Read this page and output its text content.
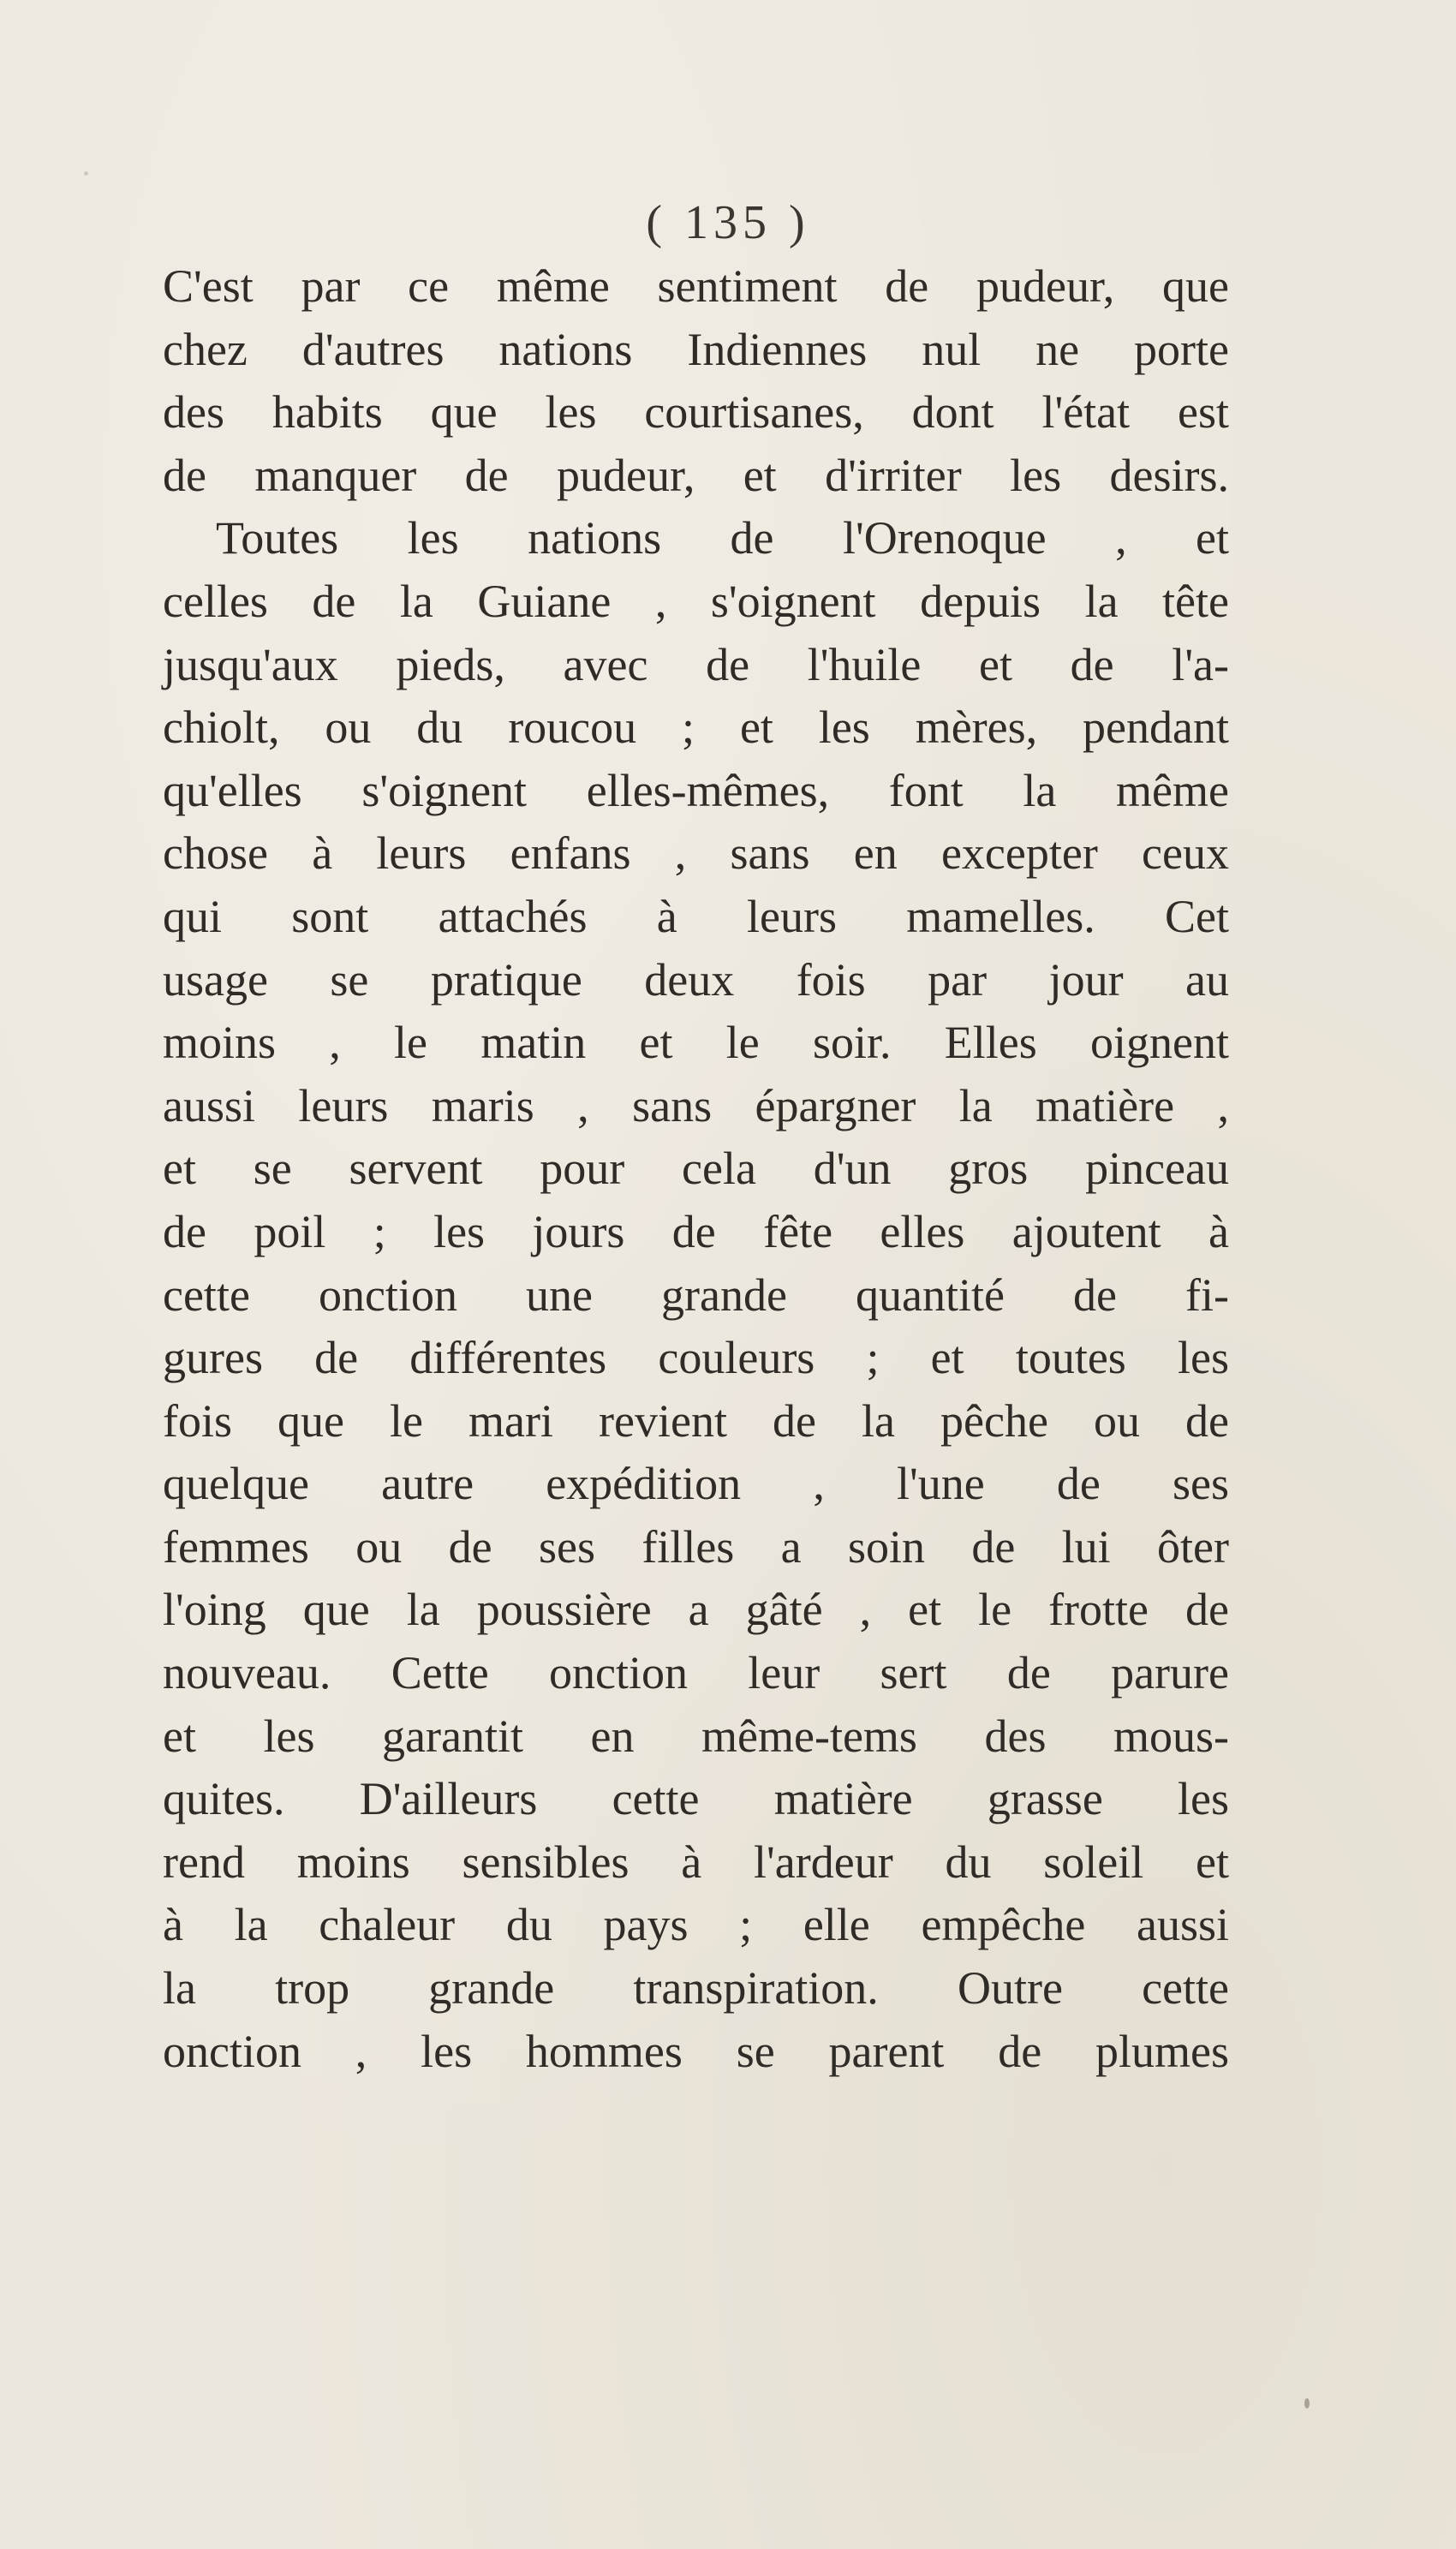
( 135 )
C'est par ce même sentiment de pudeur, que
chez d'autres nations Indiennes nul ne porte
des habits que les courtisanes, dont l'état est
de manquer de pudeur, et d'irriter les desirs.
Toutes les nations de l'Orenoque , et
celles de la Guiane , s'oignent depuis la tête
jusqu'aux pieds, avec de l'huile et de l'a-
chiolt, ou du roucou ; et les mères, pendant
qu'elles s'oignent elles-mêmes, font la même
chose à leurs enfans , sans en excepter ceux
qui sont attachés à leurs mamelles. Cet
usage se pratique deux fois par jour au
moins , le matin et le soir. Elles oignent
aussi leurs maris , sans épargner la matière ,
et se servent pour cela d'un gros pinceau
de poil ; les jours de fête elles ajoutent à
cette onction une grande quantité de fi-
gures de différentes couleurs ; et toutes les
fois que le mari revient de la pêche ou de
quelque autre expédition , l'une de ses
femmes ou de ses filles a soin de lui ôter
l'oing que la poussière a gâté , et le frotte de
nouveau. Cette onction leur sert de parure
et les garantit en même-tems des mous-
quites. D'ailleurs cette matière grasse les
rend moins sensibles à l'ardeur du soleil et
à la chaleur du pays ; elle empêche aussi
la trop grande transpiration. Outre cette
onction , les hommes se parent de plumes
